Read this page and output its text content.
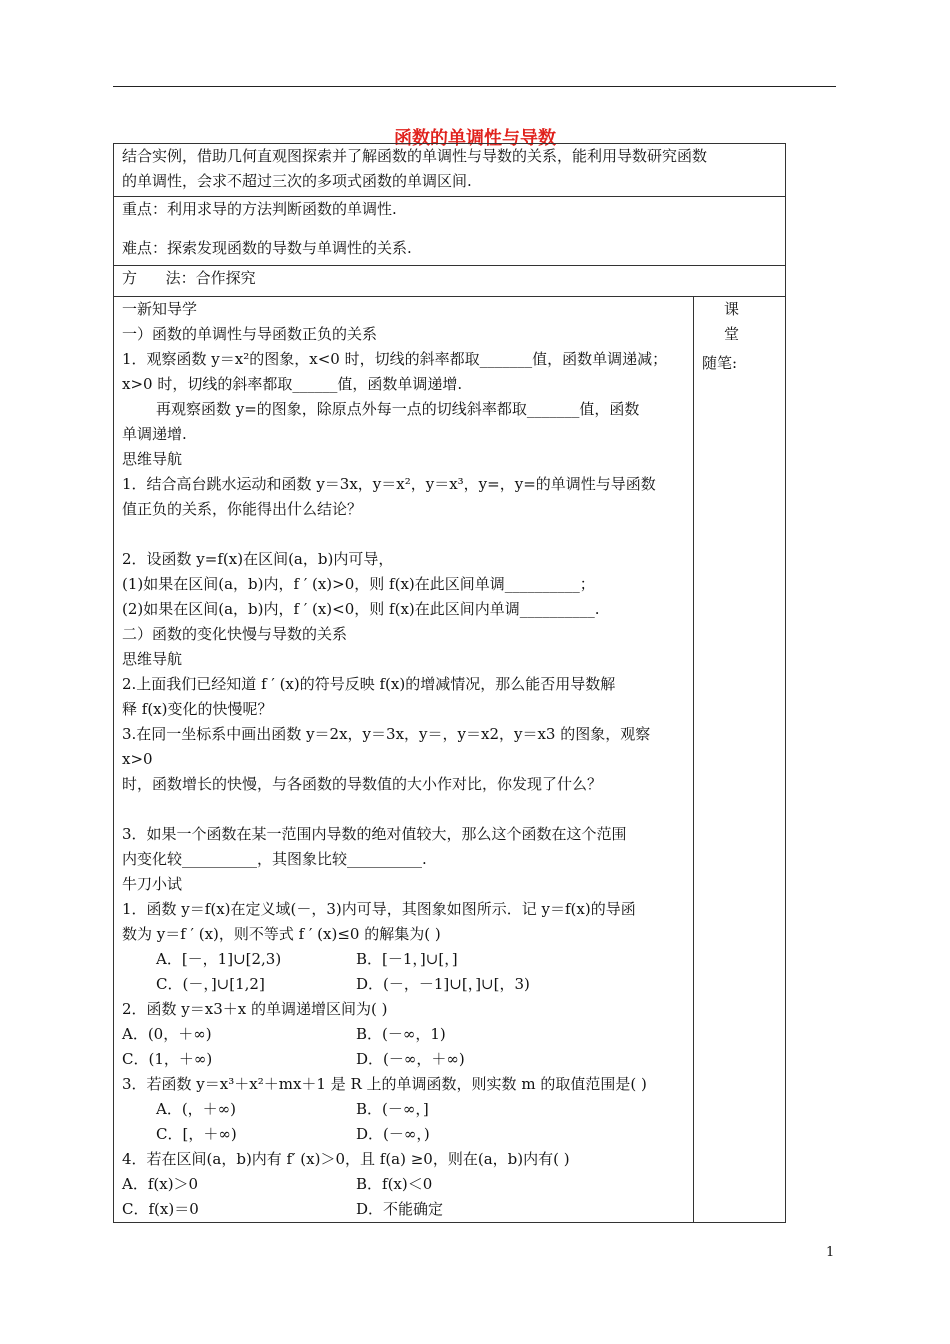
函数的单调性与导数
结合实例，借助几何直观图探索并了解函数的单调性与导数的关系，能利用导数研究函数
的单调性，会求不超过三次的多项式函数的单调区间.

重点：利用求导的方法判断函数的单调性.
难点：探索发现函数的导数与单调性的关系.

方      法：合作探究

一新知导学
一）函数的单调性与导函数正负的关系
1．观察函数 y＝x²的图象，x<0 时，切线的斜率都取_______值，函数单调递减；
x>0 时，切线的斜率都取______值，函数单调递增.
再观察函数 y=的图象，除原点外每一点的切线斜率都取_______值，函数
单调递增.
思维导航
1．结合高台跳水运动和函数 y＝3x，y＝x²，y＝x³，y=，y=的单调性与导函数
值正负的关系，你能得出什么结论？
2．设函数 y=f(x)在区间(a，b)内可导，
(1)如果在区间(a，b)内，f ′ (x)>0，则 f(x)在此区间单调__________；
(2)如果在区间(a，b)内，f ′ (x)<0，则 f(x)在此区间内单调__________.
二）函数的变化快慢与导数的关系
思维导航
2.上面我们已经知道 f ′ (x)的符号反映 f(x)的增减情况，那么能否用导数解
释 f(x)变化的快慢呢？
3.在同一坐标系中画出函数 y＝2x，y＝3x，y＝，y＝x2，y＝x3 的图象，观察 x>0
时，函数增长的快慢，与各函数的导数值的大小作对比，你发现了什么？
3．如果一个函数在某一范围内导数的绝对值较大，那么这个函数在这个范围
内变化较__________，其图象比较__________.
牛刀小试
1．函数 y＝f(x)在定义域(－，3)内可导，其图象如图所示．记 y＝f(x)的导函
数为 y＝f ′ (x)，则不等式 f ′ (x)≤0 的解集为( )
A．[－，1]∪[2,3)	B．[－1，]∪[，]
C．(－，]∪[1,2]	D．(－，－1]∪[，]∪[，3)
2．函数 y＝x3＋x 的单调递增区间为( )
A．(0，＋∞)	B．(－∞，1)
C．(1，＋∞)	D．(－∞，＋∞)
3．若函数 y＝x³＋x²＋mx＋1 是 R 上的单调函数，则实数 m 的取值范围是( )
A．(，＋∞)	B．(－∞，]
C．[，＋∞)	D．(－∞，)
4．若在区间(a，b)内有 f′ (x)＞0，且 f(a) ≥0，则在(a，b)内有( )
A．f(x)＞0	B．f(x)＜0
C．f(x)＝0	D．不能确定

课堂
随笔:
1
